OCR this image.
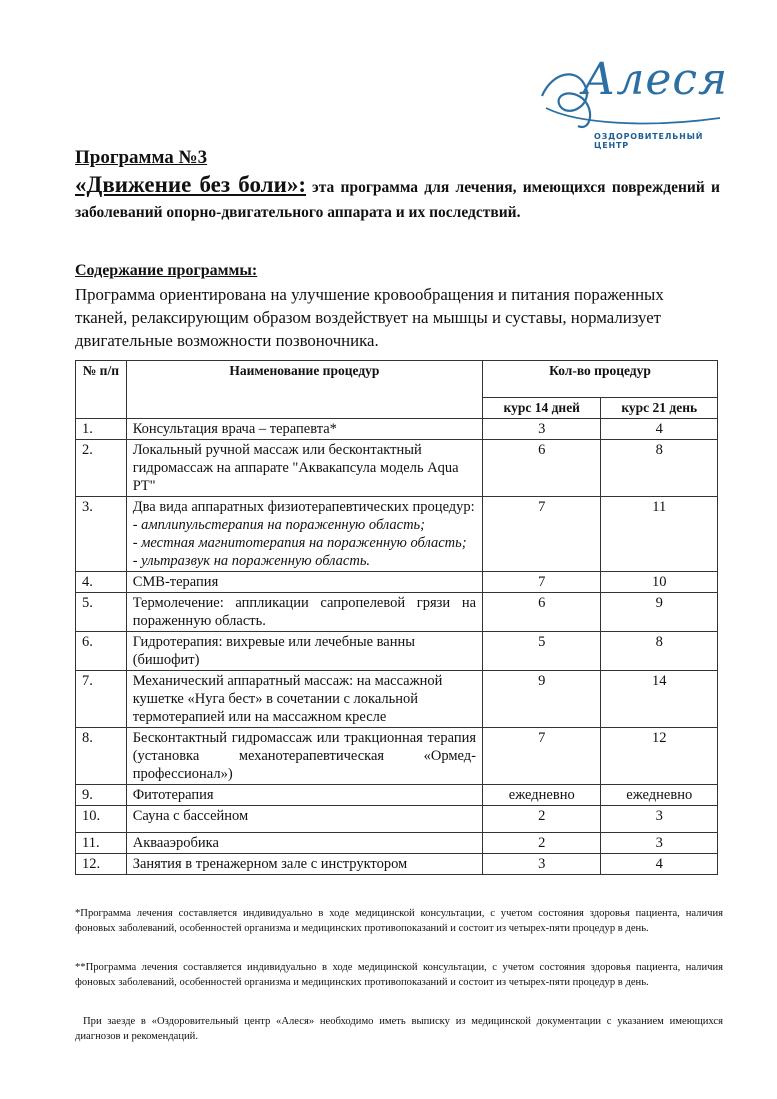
Алеся
ОЗДОРОВИТЕЛЬНЫЙ ЦЕНТР
Программа №3
«Движение без боли»: эта программа для лечения, имеющихся повреждений и заболеваний опорно-двигательного аппарата и их последствий.
Содержание программы:
Программа ориентирована на улучшение кровообращения и питания пораженных тканей, релаксирующим образом воздействует на мышцы и суставы, нормализует двигательные возможности позвоночника.
№ п/п	Наименование процедур	Кол-во процедур	
		курс 14 дней	курс 21 день
1.	Консультация врача – терапевта*	3	4
2.	Локальный ручной массаж или бесконтактный гидромассаж на аппарате "Аквакапсула модель Aqua PT"	6	8
3.	Два вида аппаратных физиотерапевтических процедур:
- амплипульстерапия на пораженную область;
- местная магнитотерапия на пораженную область;
- ультразвук на пораженную область.	7	11
4.	СМВ-терапия	7	10
5.	Термолечение: аппликации сапропелевой грязи на пораженную область.	6	9
6.	Гидротерапия: вихревые или лечебные ванны (бишофит)	5	8
7.	Механический аппаратный массаж: на массажной кушетке «Нуга бест» в сочетании с локальной термотерапией или на массажном кресле	9	14
8.	Бесконтактный гидромассаж или тракционная терапия (установка механотерапевтическая «Ормед-профессионал»)	7	12
9.	Фитотерапия	ежедневно	ежедневно
10.	Сауна с бассейном	2	3
11.	Аквааэробика	2	3
12.	Занятия в тренажерном зале с инструктором	3	4
*Программа лечения составляется индивидуально в ходе медицинской консультации, с учетом состояния здоровья пациента, наличия фоновых заболеваний, особенностей организма и медицинских противопоказаний и состоит из четырех-пяти процедур в день.
**Программа лечения составляется индивидуально в ходе медицинской консультации, с учетом состояния здоровья пациента, наличия фоновых заболеваний, особенностей организма и медицинских противопоказаний и состоит из четырех-пяти процедур в день.
При заезде в «Оздоровительный центр «Алеся» необходимо иметь выписку из медицинской документации с указанием имеющихся диагнозов и рекомендаций.
